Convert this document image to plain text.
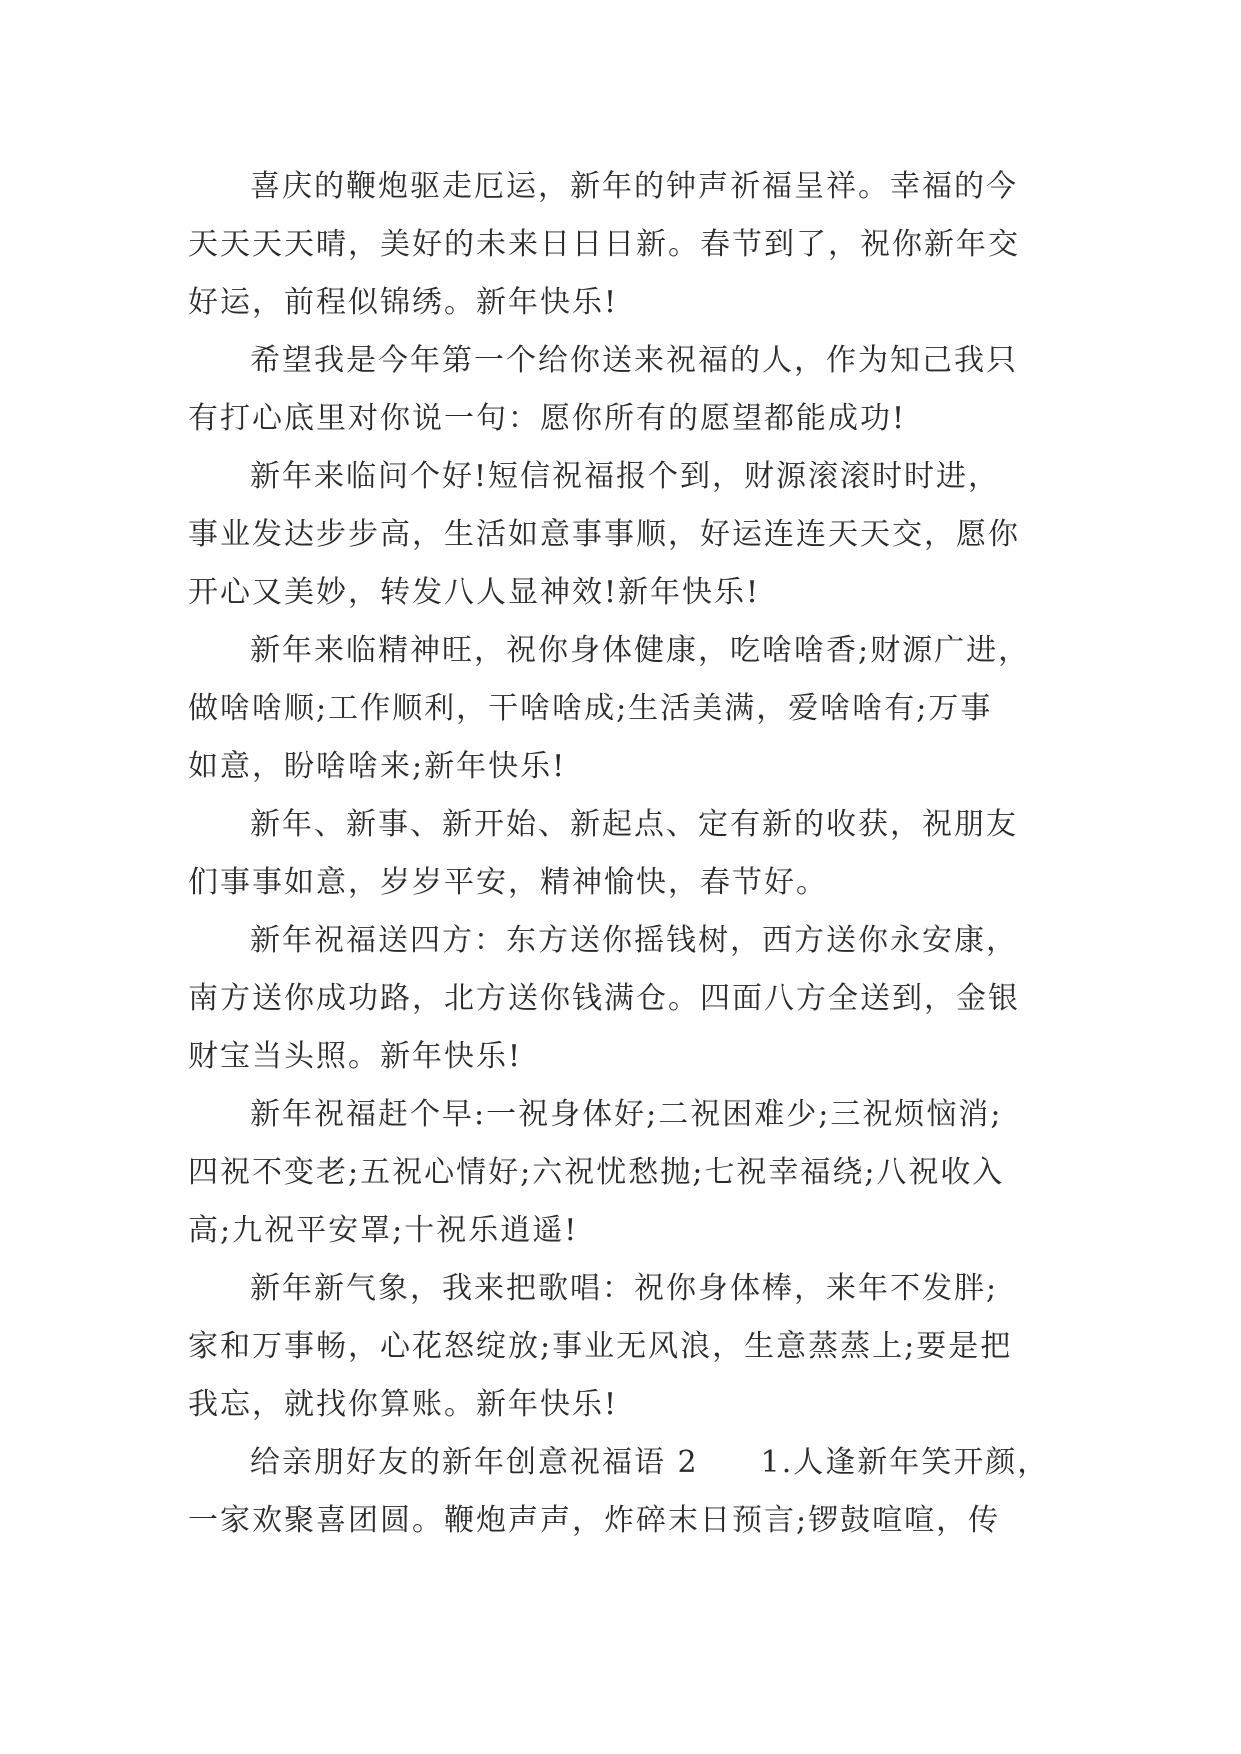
喜庆的鞭炮驱走厄运，新年的钟声祈福呈祥。幸福的今
天天天天晴，美好的未来日日日新。春节到了，祝你新年交
好运，前程似锦绣。新年快乐!

希望我是今年第一个给你送来祝福的人，作为知己我只
有打心底里对你说一句：愿你所有的愿望都能成功!

新年来临问个好!短信祝福报个到，财源滚滚时时进，
事业发达步步高，生活如意事事顺，好运连连天天交，愿你
开心又美妙，转发八人显神效!新年快乐!

新年来临精神旺，祝你身体健康，吃啥啥香;财源广进，
做啥啥顺;工作顺利，干啥啥成;生活美满，爱啥啥有;万事
如意，盼啥啥来;新年快乐!

新年、新事、新开始、新起点、定有新的收获，祝朋友
们事事如意，岁岁平安，精神愉快，春节好。

新年祝福送四方：东方送你摇钱树，西方送你永安康，
南方送你成功路，北方送你钱满仓。四面八方全送到，金银
财宝当头照。新年快乐!

新年祝福赶个早:一祝身体好;二祝困难少;三祝烦恼消;
四祝不变老;五祝心情好;六祝忧愁抛;七祝幸福绕;八祝收入
高;九祝平安罩;十祝乐逍遥!

新年新气象，我来把歌唱：祝你身体棒，来年不发胖;
家和万事畅，心花怒绽放;事业无风浪，生意蒸蒸上;要是把
我忘，就找你算账。新年快乐!

给亲朋好友的新年创意祝福语 2 1.人逢新年笑开颜，
一家欢聚喜团圆。鞭炮声声，炸碎末日预言;锣鼓喧喧，传
